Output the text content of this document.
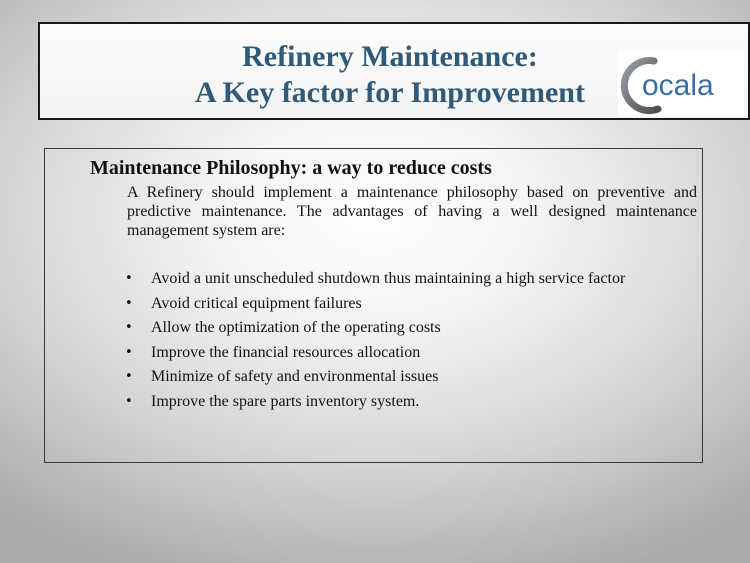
Refinery Maintenance:
A Key factor for Improvement	ocala
Maintenance Philosophy: a way to reduce costs
A Refinery should implement a maintenance philosophy based on preventive and predictive maintenance. The advantages of having a well designed maintenance management system are:
• Avoid a unit unscheduled shutdown thus maintaining a high service factor
• Avoid critical equipment failures
• Allow the optimization of the operating costs
• Improve the financial resources allocation
• Minimize of safety and environmental issues
• Improve the spare parts inventory system.
